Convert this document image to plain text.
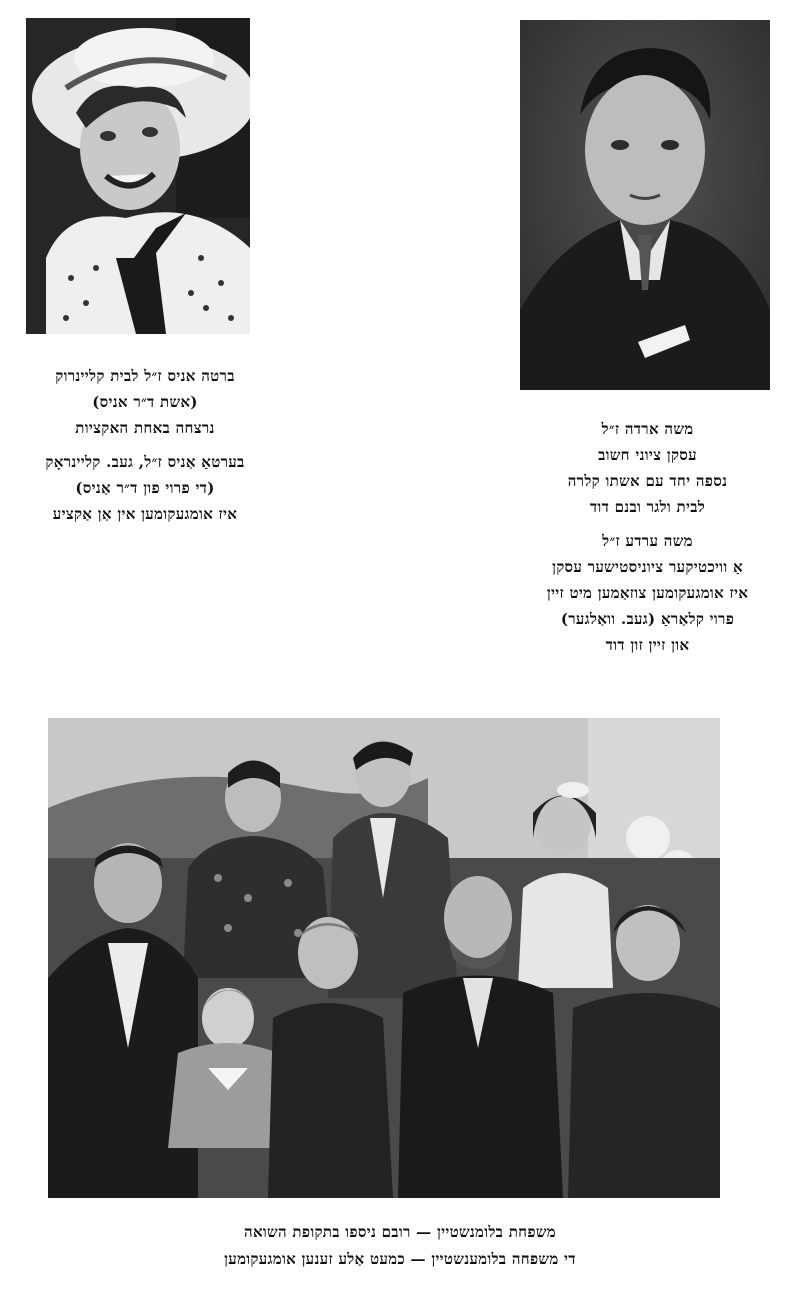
ברטה אניס ז״ל לבית קליינרוק
(אשת ד״ר אניס)
נרצחה באחת האקציות
בערטאַ אַניס ז״ל, געב. קליינראָק
(די פרוי פון ד״ר אַניס)
איז אומגעקומען אין אַן אַקציע
משה ארדה ז״ל
עסקן ציוני חשוב
נספה יחד עם אשתו קלרה
לבית ולגר ובנם דוד
משה ערדע ז״ל
אַ וויכטיקער ציוניסטישער עסקן
איז אומגעקומען צוזאַמען מיט זיין
פרוי קלאַראַ (געב. וואַלגער)
און זיין זון דוד
משפחת בלומנשטיין — רובם ניספו בתקופת השואה
די משפחה בלומענשטיין — כמעט אַלע זענען אומגעקומען
